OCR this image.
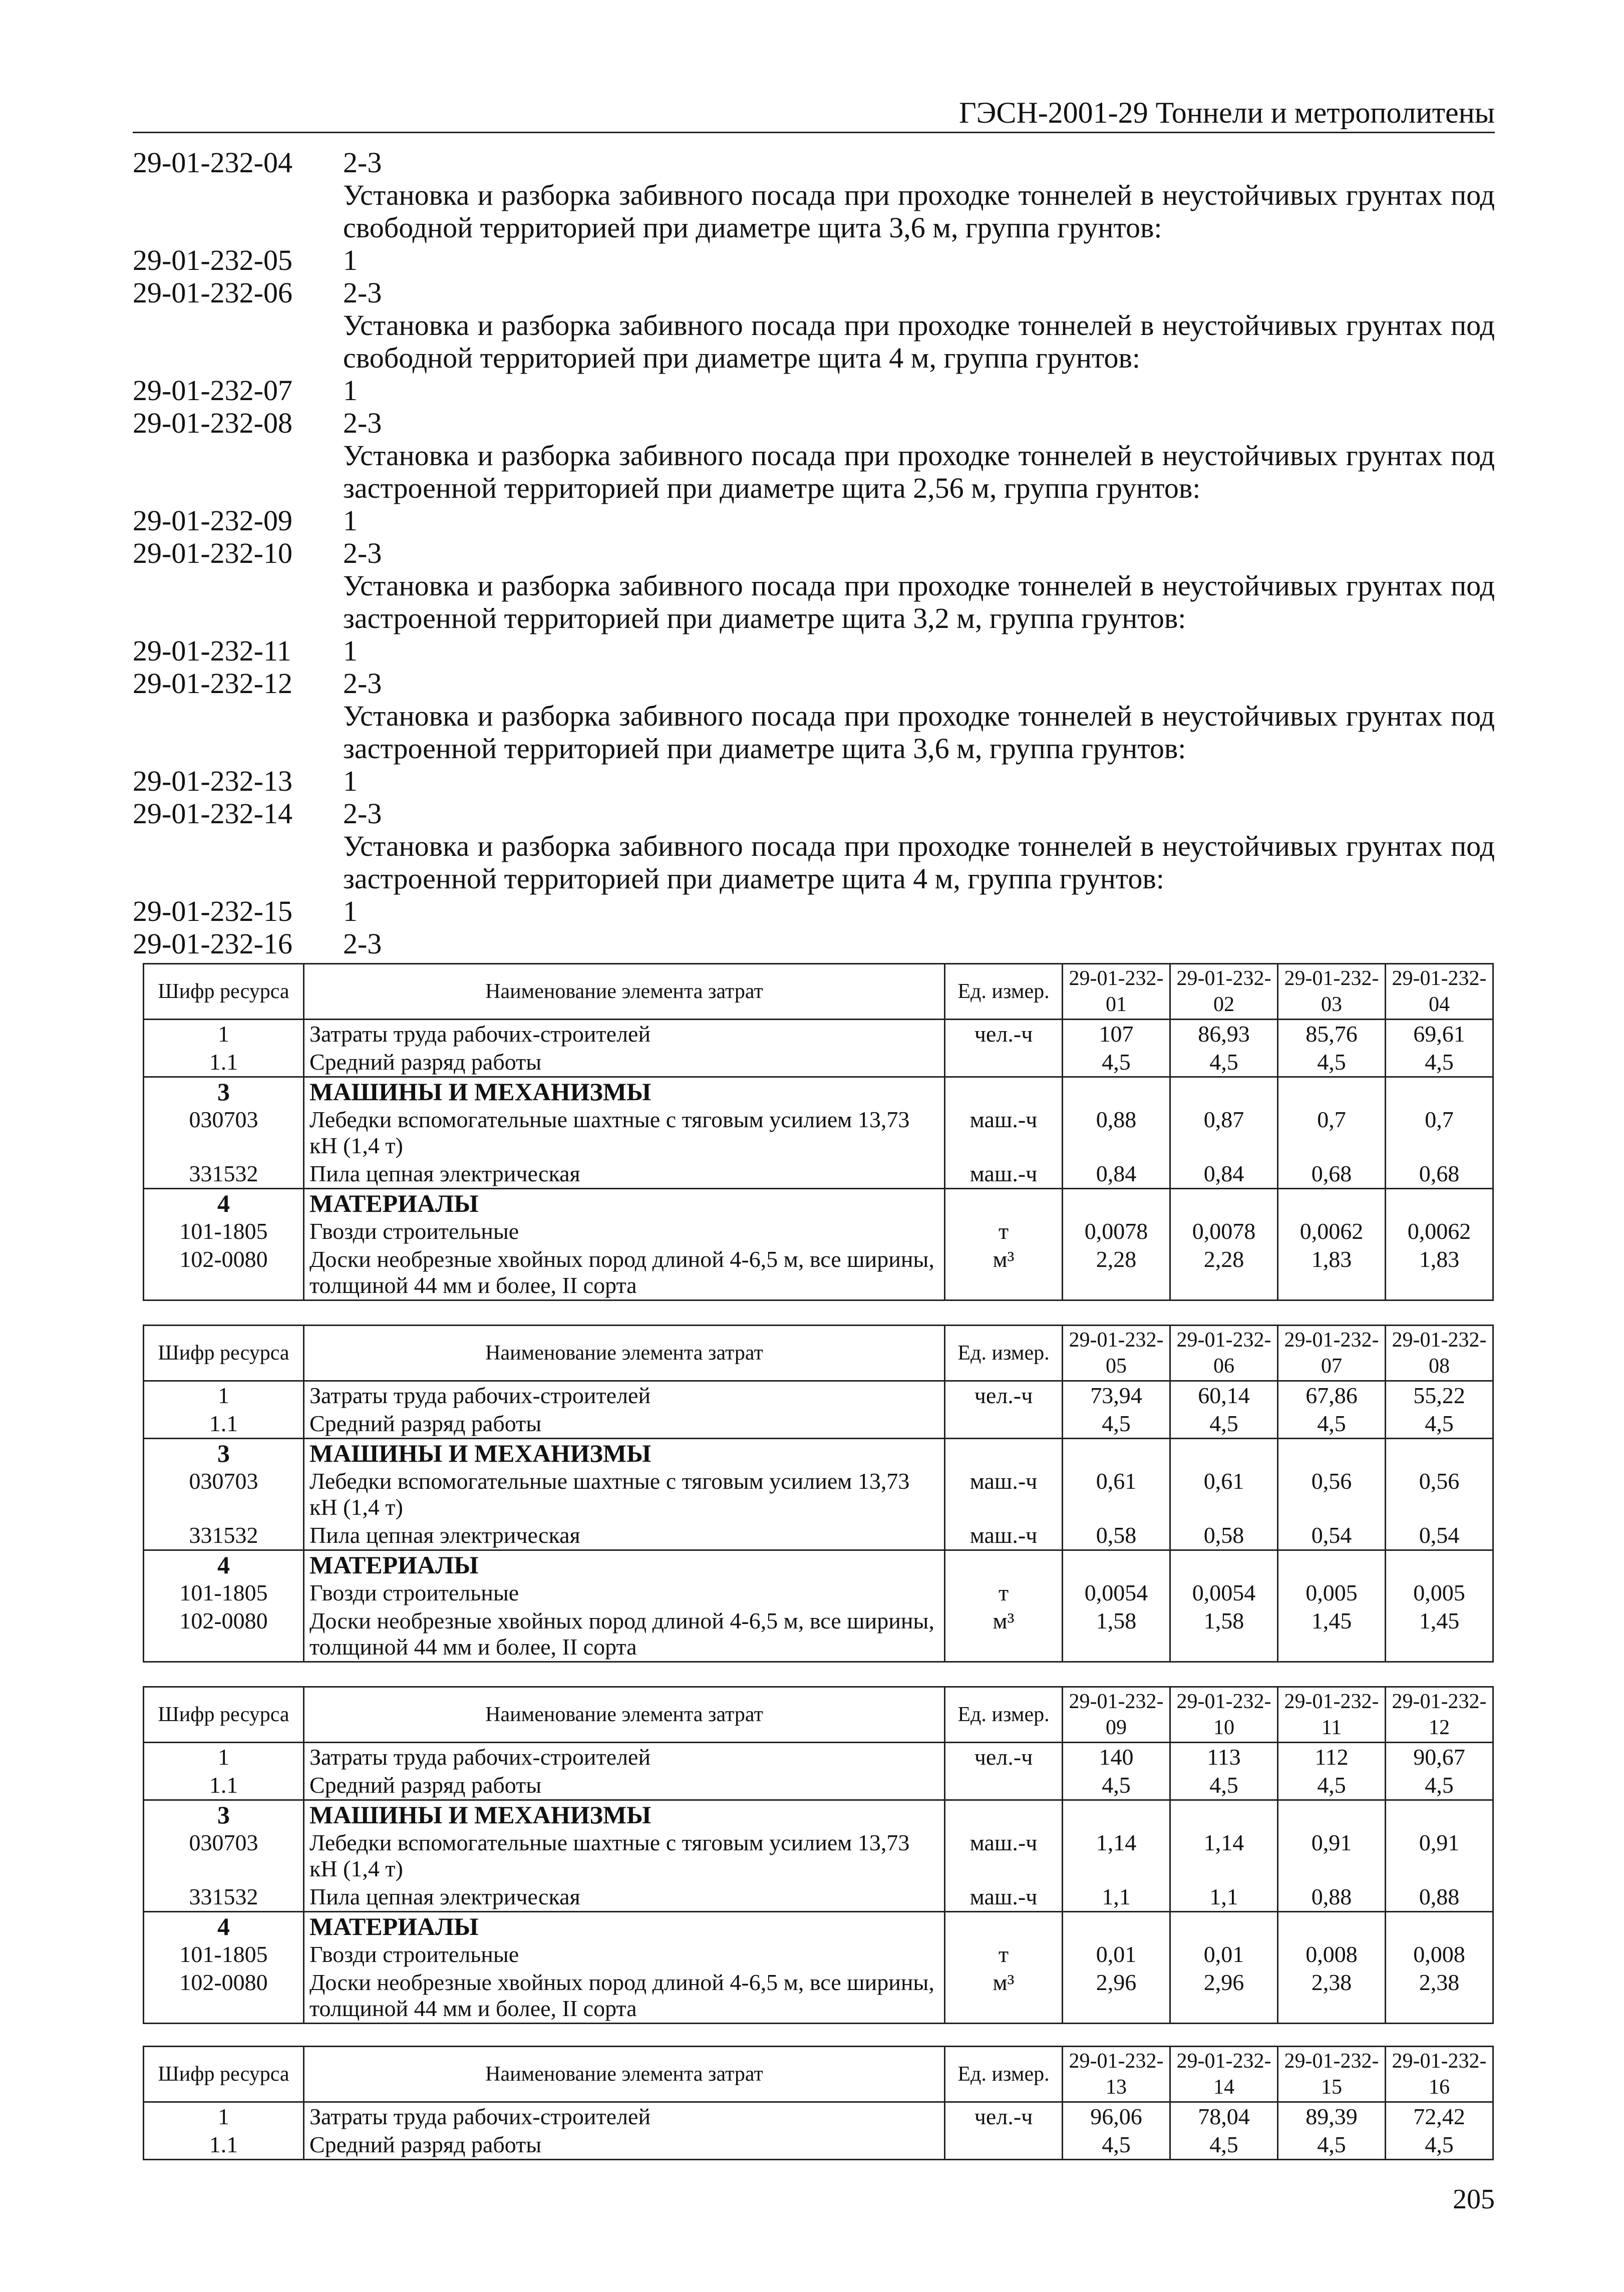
ГЭСН-2001-29 Тоннели и метрополитены
29-01-232-04	2-3
Установка и разборка забивного посада при проходке тоннелей в неустойчивых грунтах под свободной территорией при диаметре щита 3,6 м, группа грунтов:
29-01-232-05	1
29-01-232-06	2-3
Установка и разборка забивного посада при проходке тоннелей в неустойчивых грунтах под свободной территорией при диаметре щита 4 м, группа грунтов:
29-01-232-07	1
29-01-232-08	2-3
Установка и разборка забивного посада при проходке тоннелей в неустойчивых грунтах под застроенной территорией при диаметре щита 2,56 м, группа грунтов:
29-01-232-09	1
29-01-232-10	2-3
Установка и разборка забивного посада при проходке тоннелей в неустойчивых грунтах под застроенной территорией при диаметре щита 3,2 м, группа грунтов:
29-01-232-11	1
29-01-232-12	2-3
Установка и разборка забивного посада при проходке тоннелей в неустойчивых грунтах под застроенной территорией при диаметре щита 3,6 м, группа грунтов:
29-01-232-13	1
29-01-232-14	2-3
Установка и разборка забивного посада при проходке тоннелей в неустойчивых грунтах под застроенной территорией при диаметре щита 4 м, группа грунтов:
29-01-232-15	1
29-01-232-16	2-3
Шифр ресурса	Наименование элемента затрат	Ед. измер.	29-01-232-01	29-01-232-02	29-01-232-03	29-01-232-04
1	Затраты труда рабочих-строителей	чел.-ч	107	86,93	85,76	69,61
1.1	Средний разряд работы		4,5	4,5	4,5	4,5
3	МАШИНЫ И МЕХАНИЗМЫ					
030703	Лебедки вспомогательные шахтные с тяговым усилием 13,73 кН (1,4 т)	маш.-ч	0,88	0,87	0,7	0,7
331532	Пила цепная электрическая	маш.-ч	0,84	0,84	0,68	0,68
4	МАТЕРИАЛЫ					
101-1805	Гвозди строительные	т	0,0078	0,0078	0,0062	0,0062
102-0080	Доски необрезные хвойных пород длиной 4-6,5 м, все ширины, толщиной 44 мм и более, II сорта	м³	2,28	2,28	1,83	1,83
Шифр ресурса	Наименование элемента затрат	Ед. измер.	29-01-232-05	29-01-232-06	29-01-232-07	29-01-232-08
1	Затраты труда рабочих-строителей	чел.-ч	73,94	60,14	67,86	55,22
1.1	Средний разряд работы		4,5	4,5	4,5	4,5
3	МАШИНЫ И МЕХАНИЗМЫ					
030703	Лебедки вспомогательные шахтные с тяговым усилием 13,73 кН (1,4 т)	маш.-ч	0,61	0,61	0,56	0,56
331532	Пила цепная электрическая	маш.-ч	0,58	0,58	0,54	0,54
4	МАТЕРИАЛЫ					
101-1805	Гвозди строительные	т	0,0054	0,0054	0,005	0,005
102-0080	Доски необрезные хвойных пород длиной 4-6,5 м, все ширины, толщиной 44 мм и более, II сорта	м³	1,58	1,58	1,45	1,45
Шифр ресурса	Наименование элемента затрат	Ед. измер.	29-01-232-09	29-01-232-10	29-01-232-11	29-01-232-12
1	Затраты труда рабочих-строителей	чел.-ч	140	113	112	90,67
1.1	Средний разряд работы		4,5	4,5	4,5	4,5
3	МАШИНЫ И МЕХАНИЗМЫ					
030703	Лебедки вспомогательные шахтные с тяговым усилием 13,73 кН (1,4 т)	маш.-ч	1,14	1,14	0,91	0,91
331532	Пила цепная электрическая	маш.-ч	1,1	1,1	0,88	0,88
4	МАТЕРИАЛЫ					
101-1805	Гвозди строительные	т	0,01	0,01	0,008	0,008
102-0080	Доски необрезные хвойных пород длиной 4-6,5 м, все ширины, толщиной 44 мм и более, II сорта	м³	2,96	2,96	2,38	2,38
Шифр ресурса	Наименование элемента затрат	Ед. измер.	29-01-232-13	29-01-232-14	29-01-232-15	29-01-232-16
1	Затраты труда рабочих-строителей	чел.-ч	96,06	78,04	89,39	72,42
1.1	Средний разряд работы		4,5	4,5	4,5	4,5
205
